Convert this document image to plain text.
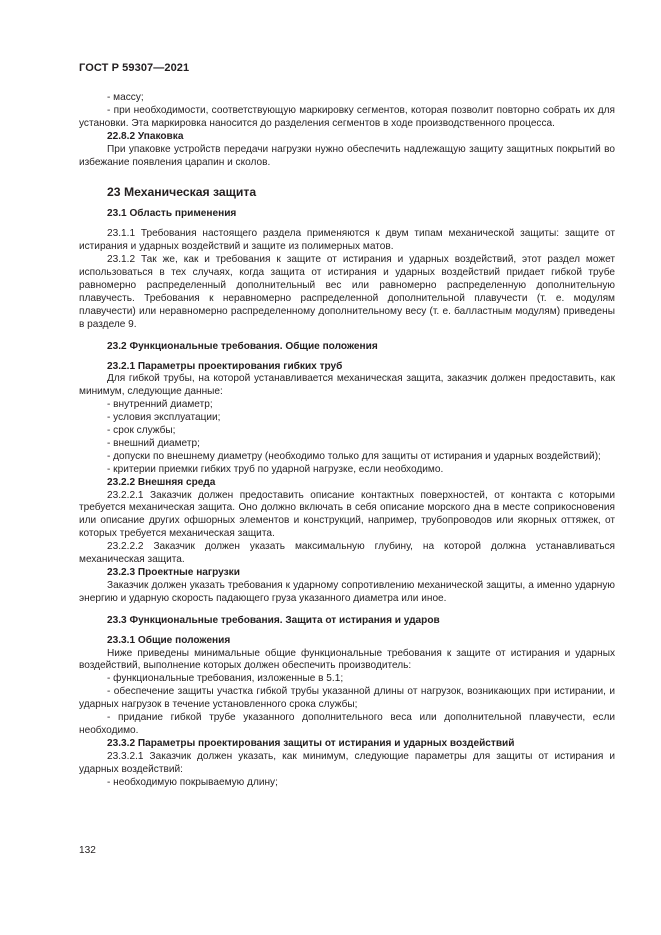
ГОСТ Р 59307—2021

- массу;

- при необходимости, соответствующую маркировку сегментов, которая позволит повторно собрать их для установки. Эта маркировка наносится до разделения сегментов в ходе производственного процесса.

22.8.2 Упаковка

При упаковке устройств передачи нагрузки нужно обеспечить надлежащую защиту защитных покрытий во избежание появления царапин и сколов.

23 Механическая защита

23.1 Область применения

23.1.1 Требования настоящего раздела применяются к двум типам механической защиты: защите от истирания и ударных воздействий и защите из полимерных матов.

23.1.2 Так же, как и требования к защите от истирания и ударных воздействий, этот раздел может использоваться в тех случаях, когда защита от истирания и ударных воздействий придает гибкой трубе равномерно распределенный дополнительный вес или равномерно распределенную дополнительную плавучесть. Требования к неравномерно распределенной дополнительной плавучести (т. е. модулям плавучести) или неравномерно распределенному дополнительному весу (т. е. балластным модулям) приведены в разделе 9.

23.2 Функциональные требования. Общие положения

23.2.1 Параметры проектирования гибких труб

Для гибкой трубы, на которой устанавливается механическая защита, заказчик должен предоставить, как минимум, следующие данные:

- внутренний диаметр;

- условия эксплуатации;

- срок службы;

- внешний диаметр;

- допуски по внешнему диаметру (необходимо только для защиты от истирания и ударных воздействий);

- критерии приемки гибких труб по ударной нагрузке, если необходимо.

23.2.2 Внешняя среда

23.2.2.1 Заказчик должен предоставить описание контактных поверхностей, от контакта с которыми требуется механическая защита. Оно должно включать в себя описание морского дна в месте соприкосновения или описание других офшорных элементов и конструкций, например, трубопроводов или якорных оттяжек, от которых требуется механическая защита.

23.2.2.2 Заказчик должен указать максимальную глубину, на которой должна устанавливаться механическая защита.

23.2.3 Проектные нагрузки

Заказчик должен указать требования к ударному сопротивлению механической защиты, а именно ударную энергию и ударную скорость падающего груза указанного диаметра или иное.

23.3 Функциональные требования. Защита от истирания и ударов

23.3.1 Общие положения

Ниже приведены минимальные общие функциональные требования к защите от истирания и ударных воздействий, выполнение которых должен обеспечить производитель:

- функциональные требования, изложенные в 5.1;

- обеспечение защиты участка гибкой трубы указанной длины от нагрузок, возникающих при истирании, и ударных нагрузок в течение установленного срока службы;

- придание гибкой трубе указанного дополнительного веса или дополнительной плавучести, если необходимо.

23.3.2 Параметры проектирования защиты от истирания и ударных воздействий

23.3.2.1 Заказчик должен указать, как минимум, следующие параметры для защиты от истирания и ударных воздействий:

- необходимую покрываемую длину;

132
